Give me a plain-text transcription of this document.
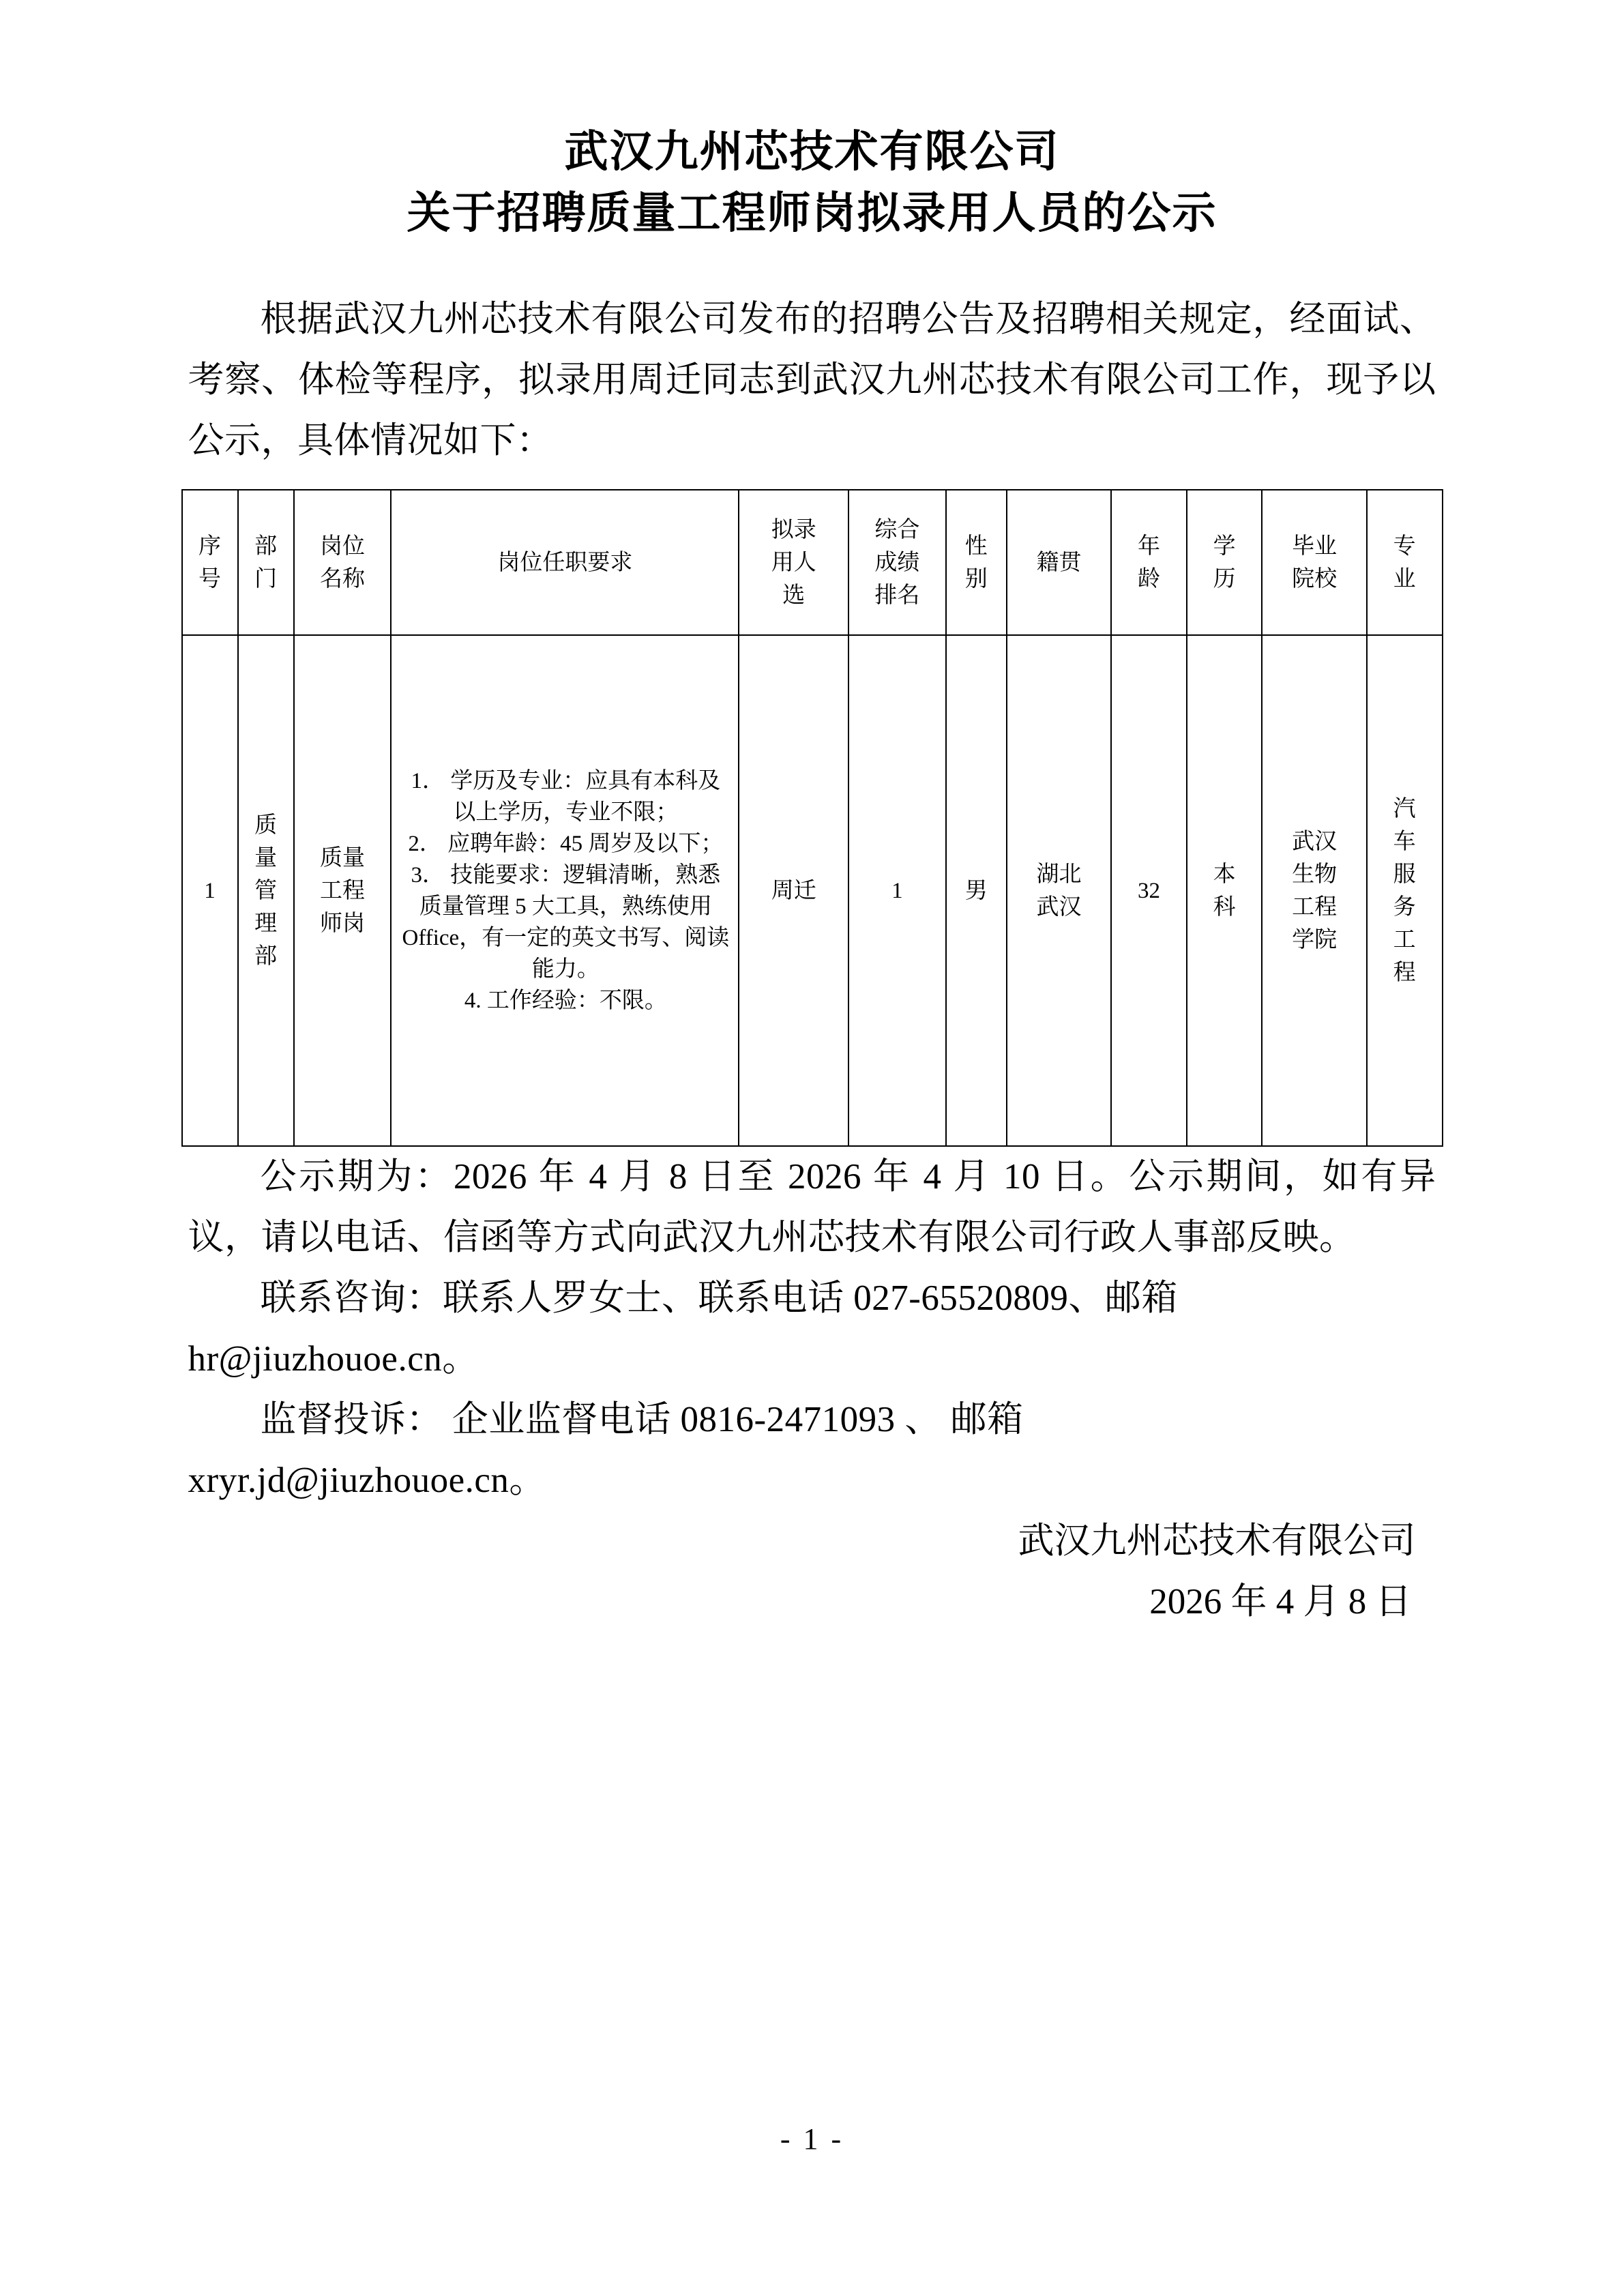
武汉九州芯技术有限公司
关于招聘质量工程师岗拟录用人员的公示

根据武汉九州芯技术有限公司发布的招聘公告及招聘相关规定，经面试、考察、体检等程序，拟录用周迁同志到武汉九州芯技术有限公司工作，现予以公示，具体情况如下：

序号	部门	岗位名称	岗位任职要求	拟录用人选	综合成绩排名	性别	籍贯	年龄	学历	毕业院校	专业
1	质量管理部	质量工程师岗	1． 学历及专业：应具有本科及以上学历，专业不限；

2． 应聘年龄：45 周岁及以下；

3． 技能要求：逻辑清晰，熟悉质量管理 5 大工具，熟练使用 Office，有一定的英文书写、阅读能力。

4. 工作经验：不限。	周迁	1	男	湖北武汉	32	本科	武汉生物工程学院	汽车服务工程

公示期为：2026 年 4 月 8 日至 2026 年 4 月 10 日。公示期间，如有异议，请以电话、信函等方式向武汉九州芯技术有限公司行政人事部反映。

联系咨询：联系人罗女士、联系电话 027-65520809、邮箱

hr@jiuzhouoe.cn。

监督投诉： 企业监督电话 0816-2471093 、 邮箱

xryr.jd@jiuzhouoe.cn。

武汉九州芯技术有限公司
2026 年 4 月 8 日
- 1 -
